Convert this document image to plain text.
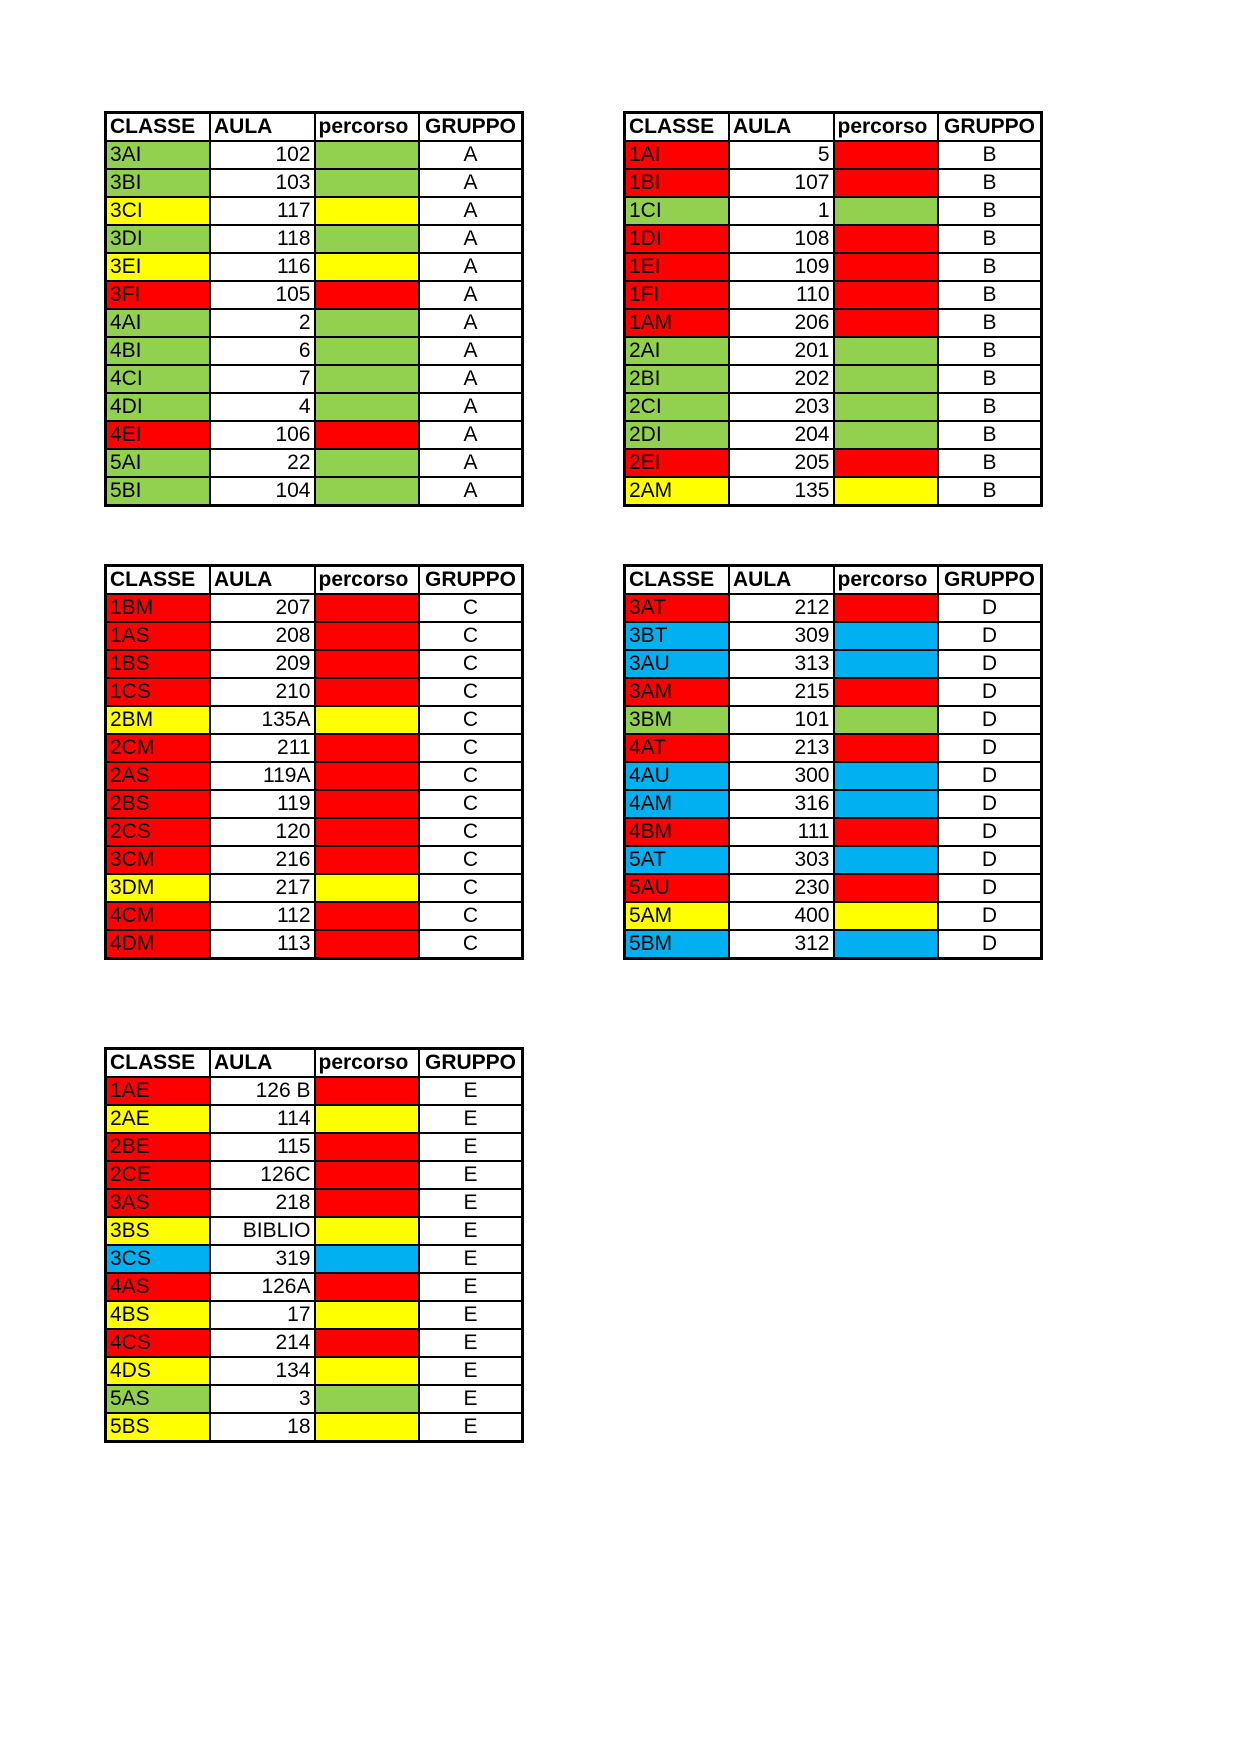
CLASSE	AULA	percorso	GRUPPO
3AI	102		A
3BI	103		A
3CI	117		A
3DI	118		A
3EI	116		A
3FI	105		A
4AI	2		A
4BI	6		A
4CI	7		A
4DI	4		A
4EI	106		A
5AI	22		A
5BI	104		A
CLASSE	AULA	percorso	GRUPPO
1AI	5		B
1BI	107		B
1CI	1		B
1DI	108		B
1EI	109		B
1FI	110		B
1AM	206		B
2AI	201		B
2BI	202		B
2CI	203		B
2DI	204		B
2EI	205		B
2AM	135		B
CLASSE	AULA	percorso	GRUPPO
1BM	207		C
1AS	208		C
1BS	209		C
1CS	210		C
2BM	135A		C
2CM	211		C
2AS	119A		C
2BS	119		C
2CS	120		C
3CM	216		C
3DM	217		C
4CM	112		C
4DM	113		C
CLASSE	AULA	percorso	GRUPPO
3AT	212		D
3BT	309		D
3AU	313		D
3AM	215		D
3BM	101		D
4AT	213		D
4AU	300		D
4AM	316		D
4BM	111		D
5AT	303		D
5AU	230		D
5AM	400		D
5BM	312		D
CLASSE	AULA	percorso	GRUPPO
1AE	126 B		E
2AE	114		E
2BE	115		E
2CE	126C		E
3AS	218		E
3BS	BIBLIO		E
3CS	319		E
4AS	126A		E
4BS	17		E
4CS	214		E
4DS	134		E
5AS	3		E
5BS	18		E
